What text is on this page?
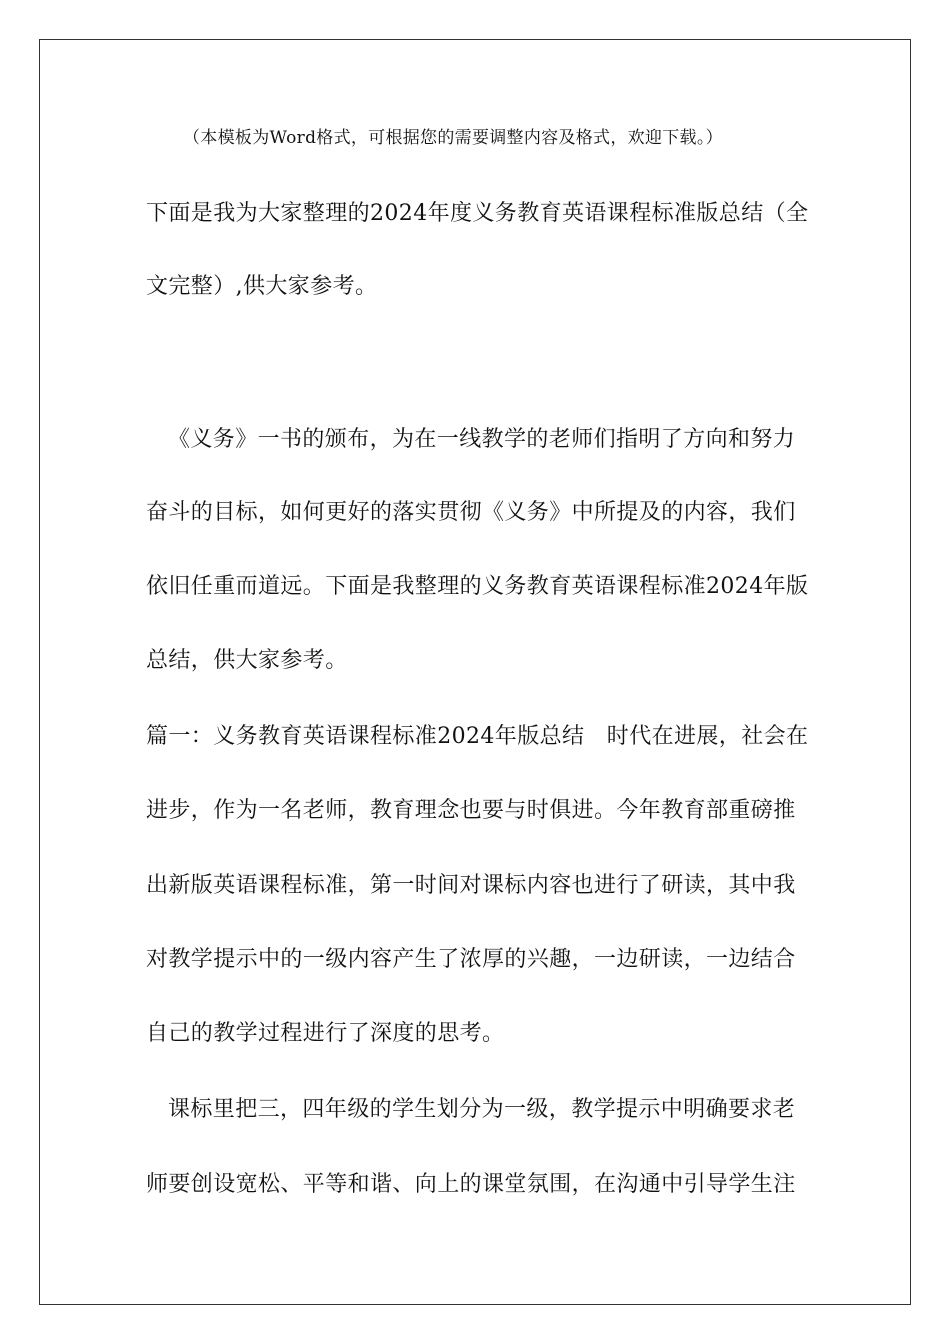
（本模板为Word格式，可根据您的需要调整内容及格式，欢迎下载。）
下面是我为大家整理的2024年度义务教育英语课程标准版总结（全
文完整）,供大家参考。
《义务》一书的颁布，为在一线教学的老师们指明了方向和努力
奋斗的目标，如何更好的落实贯彻《义务》中所提及的内容，我们
依旧任重而道远。下面是我整理的义务教育英语课程标准2024年版
总结，供大家参考。
篇一：义务教育英语课程标准2024年版总结　时代在进展，社会在
进步，作为一名老师，教育理念也要与时俱进。今年教育部重磅推
出新版英语课程标准，第一时间对课标内容也进行了研读，其中我
对教学提示中的一级内容产生了浓厚的兴趣，一边研读，一边结合
自己的教学过程进行了深度的思考。
课标里把三，四年级的学生划分为一级，教学提示中明确要求老
师要创设宽松、平等和谐、向上的课堂氛围，在沟通中引导学生注
